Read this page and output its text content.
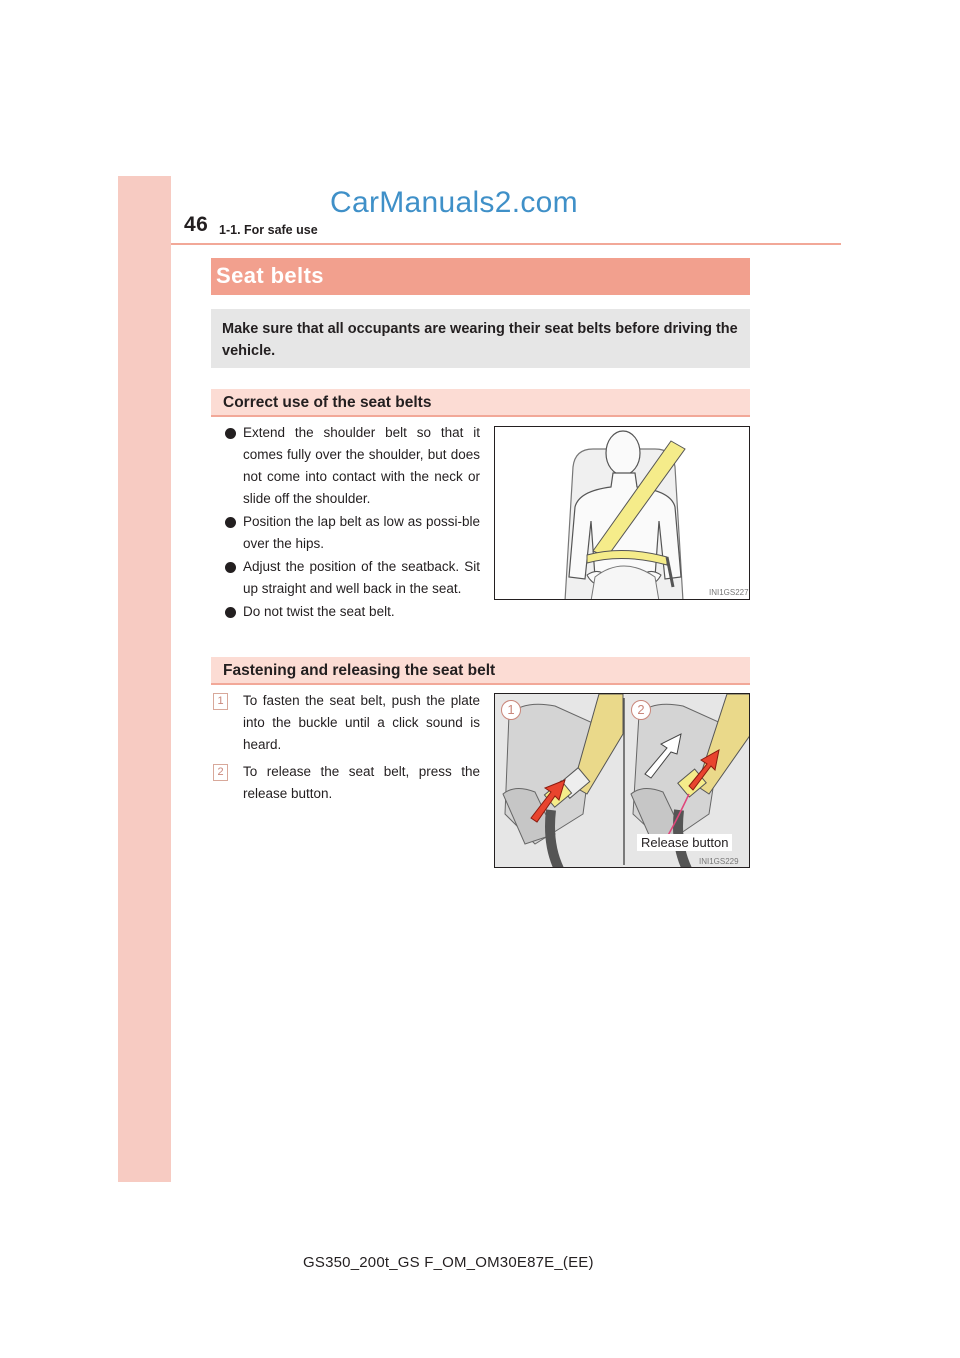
46 1-1. For safe use
CarManuals2.com
Seat belts
Make sure that all occupants are wearing their seat belts before driving the vehicle.
Correct use of the seat belts
Extend the shoulder belt so that it comes fully over the shoulder, but does not come into contact with the neck or slide off the shoulder.
Position the lap belt as low as possi-ble over the hips.
Adjust the position of the seatback. Sit up straight and well back in the seat.
Do not twist the seat belt.
INI1GS227
Fastening and releasing the seat belt
1	To fasten the seat belt, push the plate into the buckle until a click sound is heard.
2	To release the seat belt, press the release button.
INI1GS229
1	2
Release button
GS350_200t_GS F_OM_OM30E87E_(EE)
